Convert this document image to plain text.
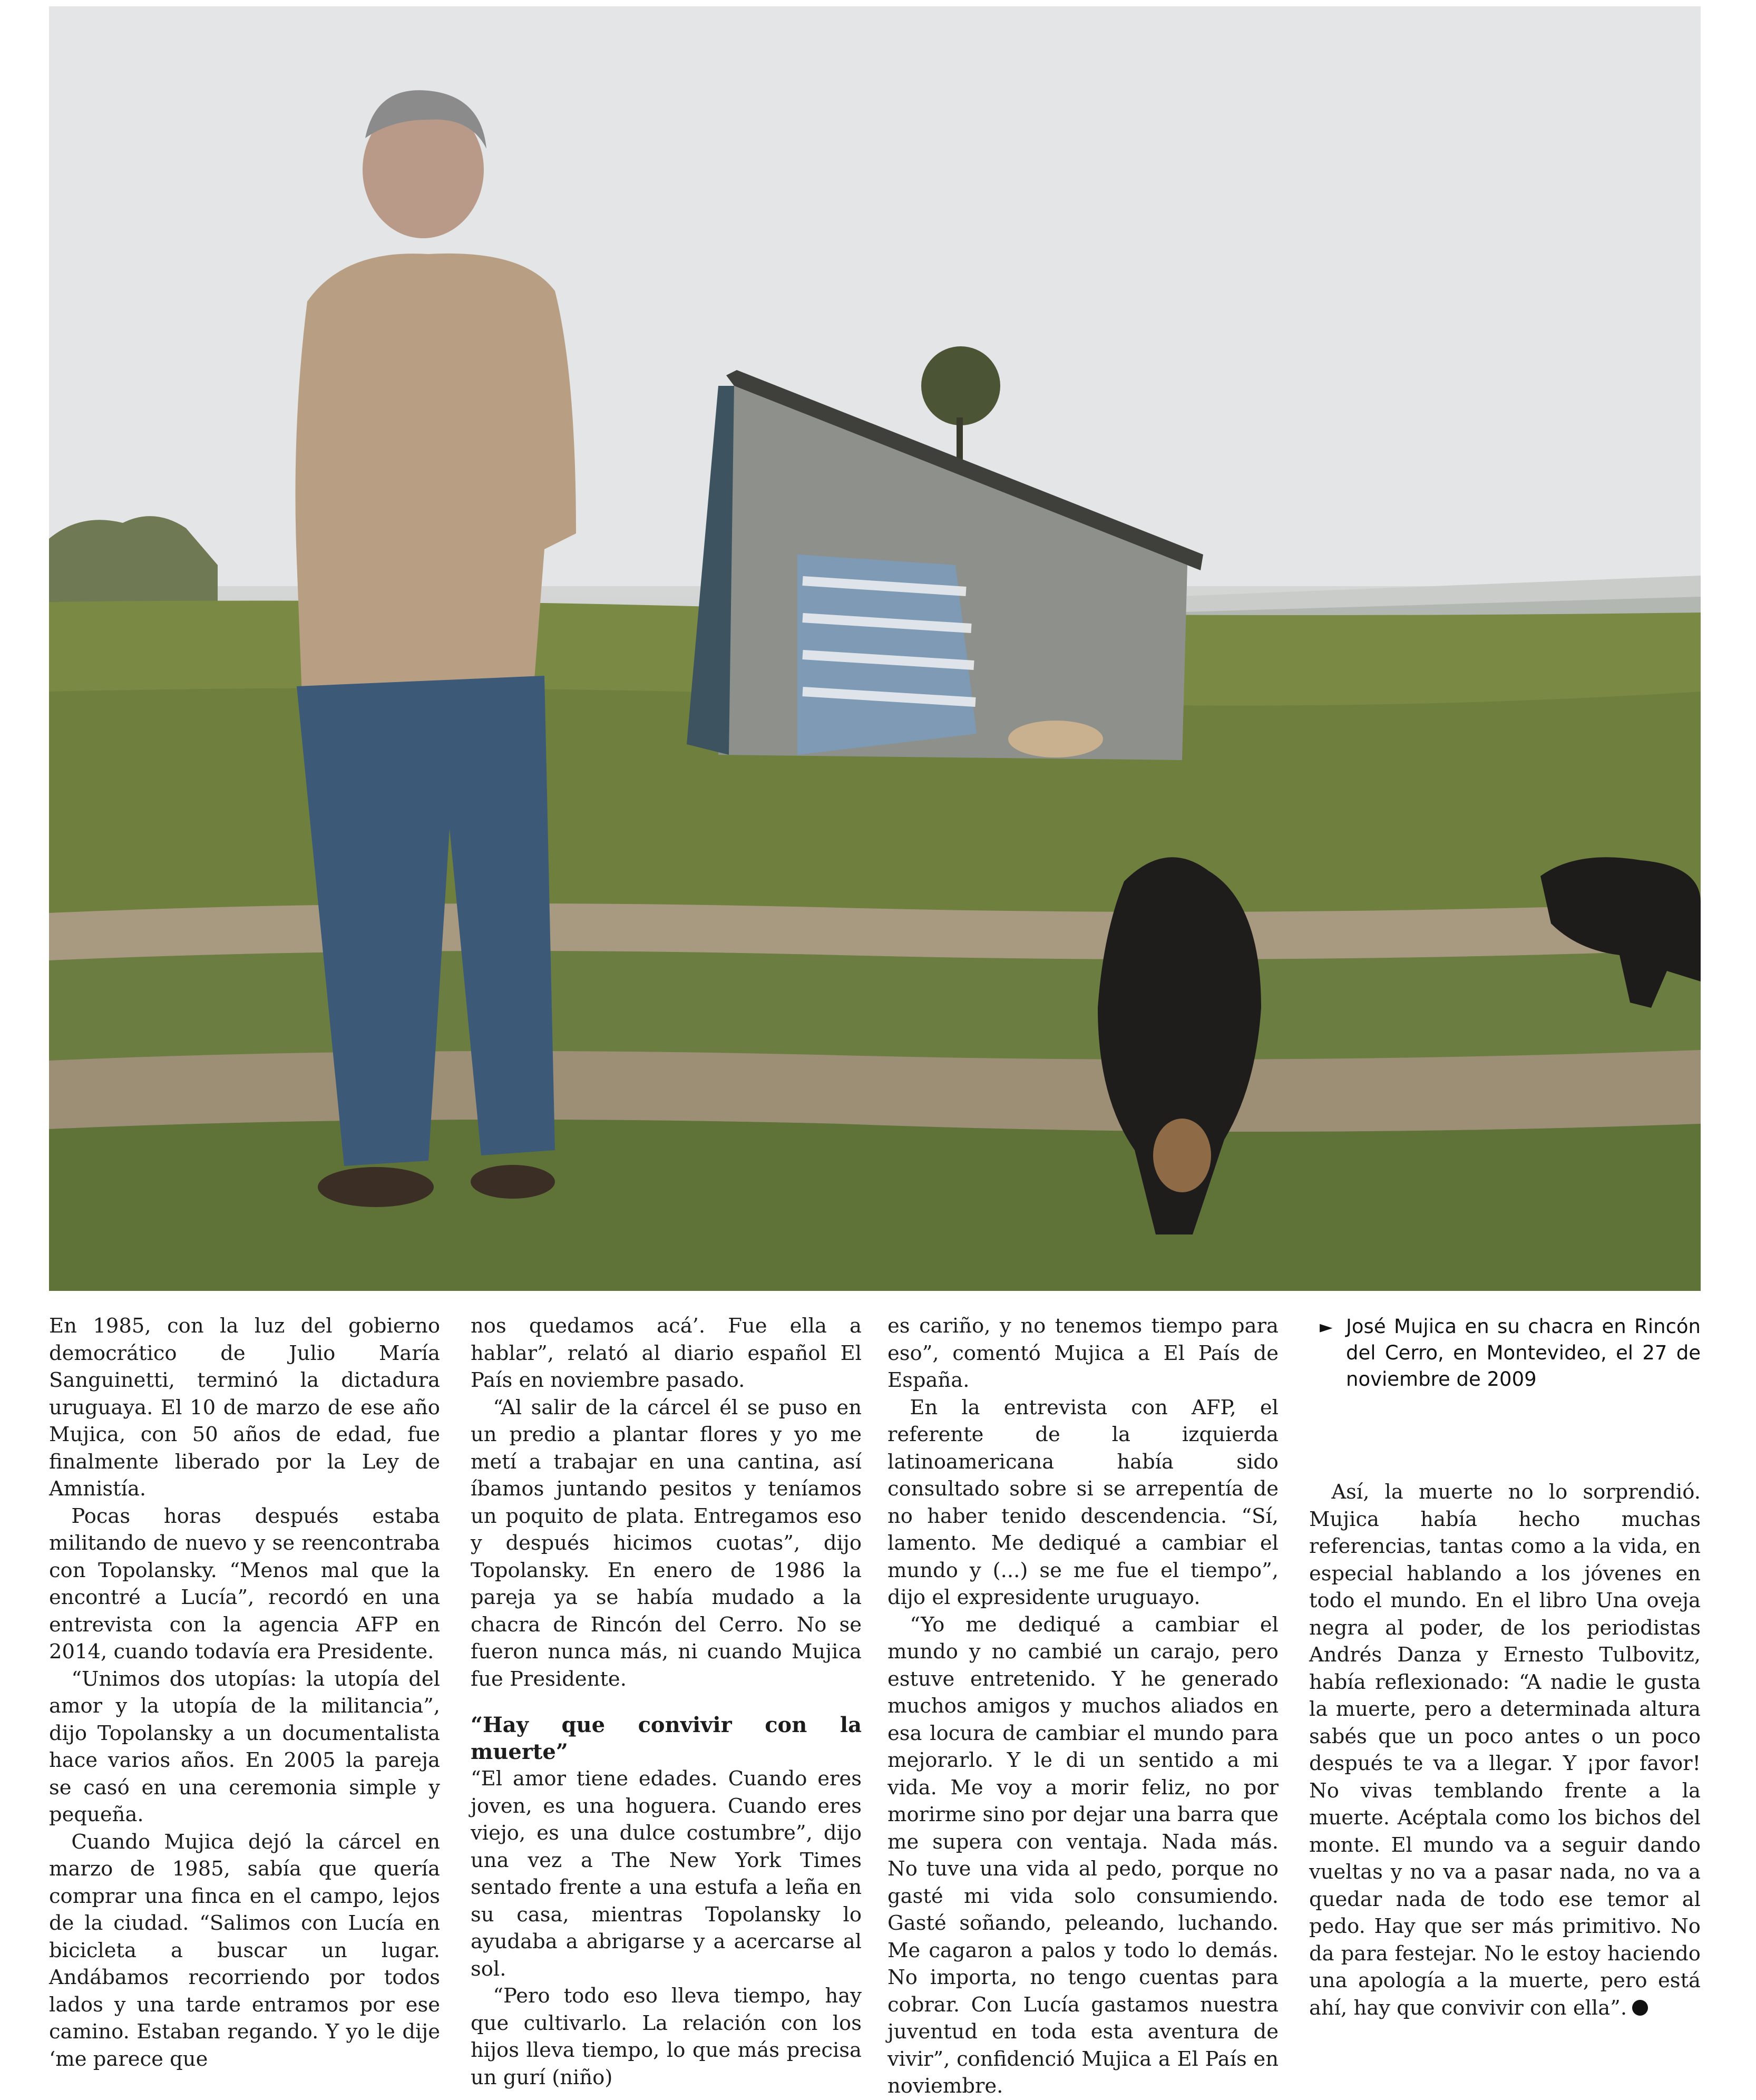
► José Mujica en su chacra en Rincón del Cerro, en Montevideo, el 27 de noviembre de 2009

En 1985, con la luz del gobierno democrático de Julio María Sanguinetti, terminó la dictadura uruguaya. El 10 de marzo de ese año Mujica, con 50 años de edad, fue finalmente liberado por la Ley de Amnistía.

Pocas horas después estaba militando de nuevo y se reencontraba con Topolansky. “Menos mal que la encontré a Lucía”, recordó en una entrevista con la agencia AFP en 2014, cuando todavía era Presidente.

“Unimos dos utopías: la utopía del amor y la utopía de la militancia”, dijo Topolansky a un documentalista hace varios años. En 2005 la pareja se casó en una ceremonia simple y pequeña.

Cuando Mujica dejó la cárcel en marzo de 1985, sabía que quería comprar una finca en el campo, lejos de la ciudad. “Salimos con Lucía en bicicleta a buscar un lugar. Andábamos recorriendo por todos lados y una tarde entramos por ese camino. Estaban regando. Y yo le dije ‘me parece que

nos quedamos acá’. Fue ella a hablar”, relató al diario español El País en noviembre pasado.

“Al salir de la cárcel él se puso en un predio a plantar flores y yo me metí a trabajar en una cantina, así íbamos juntando pesitos y teníamos un poquito de plata. Entregamos eso y después hicimos cuotas”, dijo Topolansky. En enero de 1986 la pareja ya se había mudado a la chacra de Rincón del Cerro. No se fueron nunca más, ni cuando Mujica fue Presidente.

“Hay que convivir con la muerte”

“El amor tiene edades. Cuando eres joven, es una hoguera. Cuando eres viejo, es una dulce costumbre”, dijo una vez a The New York Times sentado frente a una estufa a leña en su casa, mientras Topolansky lo ayudaba a abrigarse y a acercarse al sol.

“Pero todo eso lleva tiempo, hay que cultivarlo. La relación con los hijos lleva tiempo, lo que más precisa un gurí (niño)

es cariño, y no tenemos tiempo para eso”, comentó Mujica a El País de España.

En la entrevista con AFP, el referente de la izquierda latinoamericana había sido consultado sobre si se arrepentía de no haber tenido descendencia. “Sí, lamento. Me dediqué a cambiar el mundo y (...) se me fue el tiempo”, dijo el expresidente uruguayo.

“Yo me dediqué a cambiar el mundo y no cambié un carajo, pero estuve entretenido. Y he generado muchos amigos y muchos aliados en esa locura de cambiar el mundo para mejorarlo. Y le di un sentido a mi vida. Me voy a morir feliz, no por morirme sino por dejar una barra que me supera con ventaja. Nada más. No tuve una vida al pedo, porque no gasté mi vida solo consumiendo. Gasté soñando, peleando, luchando. Me cagaron a palos y todo lo demás. No importa, no tengo cuentas para cobrar. Con Lucía gastamos nuestra juventud en toda esta aventura de vivir”, confidenció Mujica a El País en noviembre.

Así, la muerte no lo sorprendió. Mujica había hecho muchas referencias, tantas como a la vida, en especial hablando a los jóvenes en todo el mundo. En el libro Una oveja negra al poder, de los periodistas Andrés Danza y Ernesto Tulbovitz, había reflexionado: “A nadie le gusta la muerte, pero a determinada altura sabés que un poco antes o un poco después te va a llegar. Y ¡por favor! No vivas temblando frente a la muerte. Acéptala como los bichos del monte. El mundo va a seguir dando vueltas y no va a pasar nada, no va a quedar nada de todo ese temor al pedo. Hay que ser más primitivo. No da para festejar. No le estoy haciendo una apología a la muerte, pero está ahí, hay que convivir con ella”.
